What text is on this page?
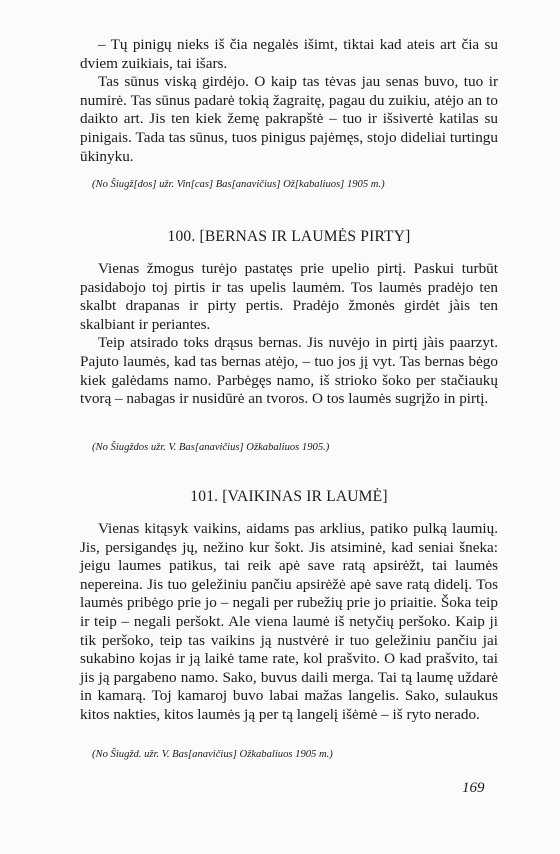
– Tų pinigų nieks iš čia negalės išimt, tiktai kad ateis art čia su dviem zuikiais, tai išars.

Tas sūnus viską girdėjo. O kaip tas tėvas jau senas buvo, tuo ir numirė. Tas sūnus padarė tokią žagraitę, pagau du zuikiu, atėjo an to daikto art. Jis ten kiek žemę pakrapštė – tuo ir išsivertė katilas su pinigais. Tada tas sūnus, tuos pinigus pajėmęs, stojo dideliai turtingu ūkinyku.

(No Šiugž[dos] užr. Vin[cas] Bas[anavičius] Ož[kabaliuos] 1905 m.)
100. [BERNAS IR LAUMĖS PIRTY]

Vienas žmogus turėjo pastatęs prie upelio pirtį. Paskui turbūt pasidabojo toj pirtis ir tas upelis laumėm. Tos laumės pradėjo ten skalbt drapanas ir pirty pertis. Pradėjo žmonės girdėt jàis ten skalbiant ir periantes.

Teip atsirado toks drąsus bernas. Jis nuvėjo in pirtį jàis paarzyt. Pajuto laumės, kad tas bernas atėjo, – tuo jos jį vyt. Tas bernas bėgo kiek galėdams namo. Parbėgęs namo, iš strioko šoko per stačiaukų tvorą – nabagas ir nusidūrė an tvoros. O tos laumės sugrįžo in pirtį.

(No Šiugždos užr. V. Bas[anavičius] Ožkabaliuos 1905.)
101. [VAIKINAS IR LAUMĖ]

Vienas kitąsyk vaikins, aidams pas arklius, patiko pulką laumių. Jis, persigandęs jų, nežino kur šokt. Jis atsiminė, kad seniai šneka: jeigu laumes patikus, tai reik apė save ratą apsirėžt, tai laumės nepereina. Jis tuo geležiniu pančiu apsirėžė apė save ratą didelį. Tos laumės pribėgo prie jo – negali per rubežių prie jo priaitie. Šoka teip ir teip – negali peršokt. Ale viena laumė iš netyčių peršoko. Kaip ji tik peršoko, teip tas vaikins ją nustvėrė ir tuo geležiniu pančiu jai sukabino kojas ir ją laikė tame rate, kol prašvito. O kad prašvito, tai jis ją pargabeno namo. Sako, buvus daili merga. Tai tą laumę uždarė in kamarą. Toj kamaroj buvo labai mažas langelis. Sako, sulaukus kitos nakties, kitos laumės ją per tą langelį išėmė – iš ryto nerado.

(No Šiugžd. užr. V. Bas[anavičius] Ožkabaliuos 1905 m.)
169
